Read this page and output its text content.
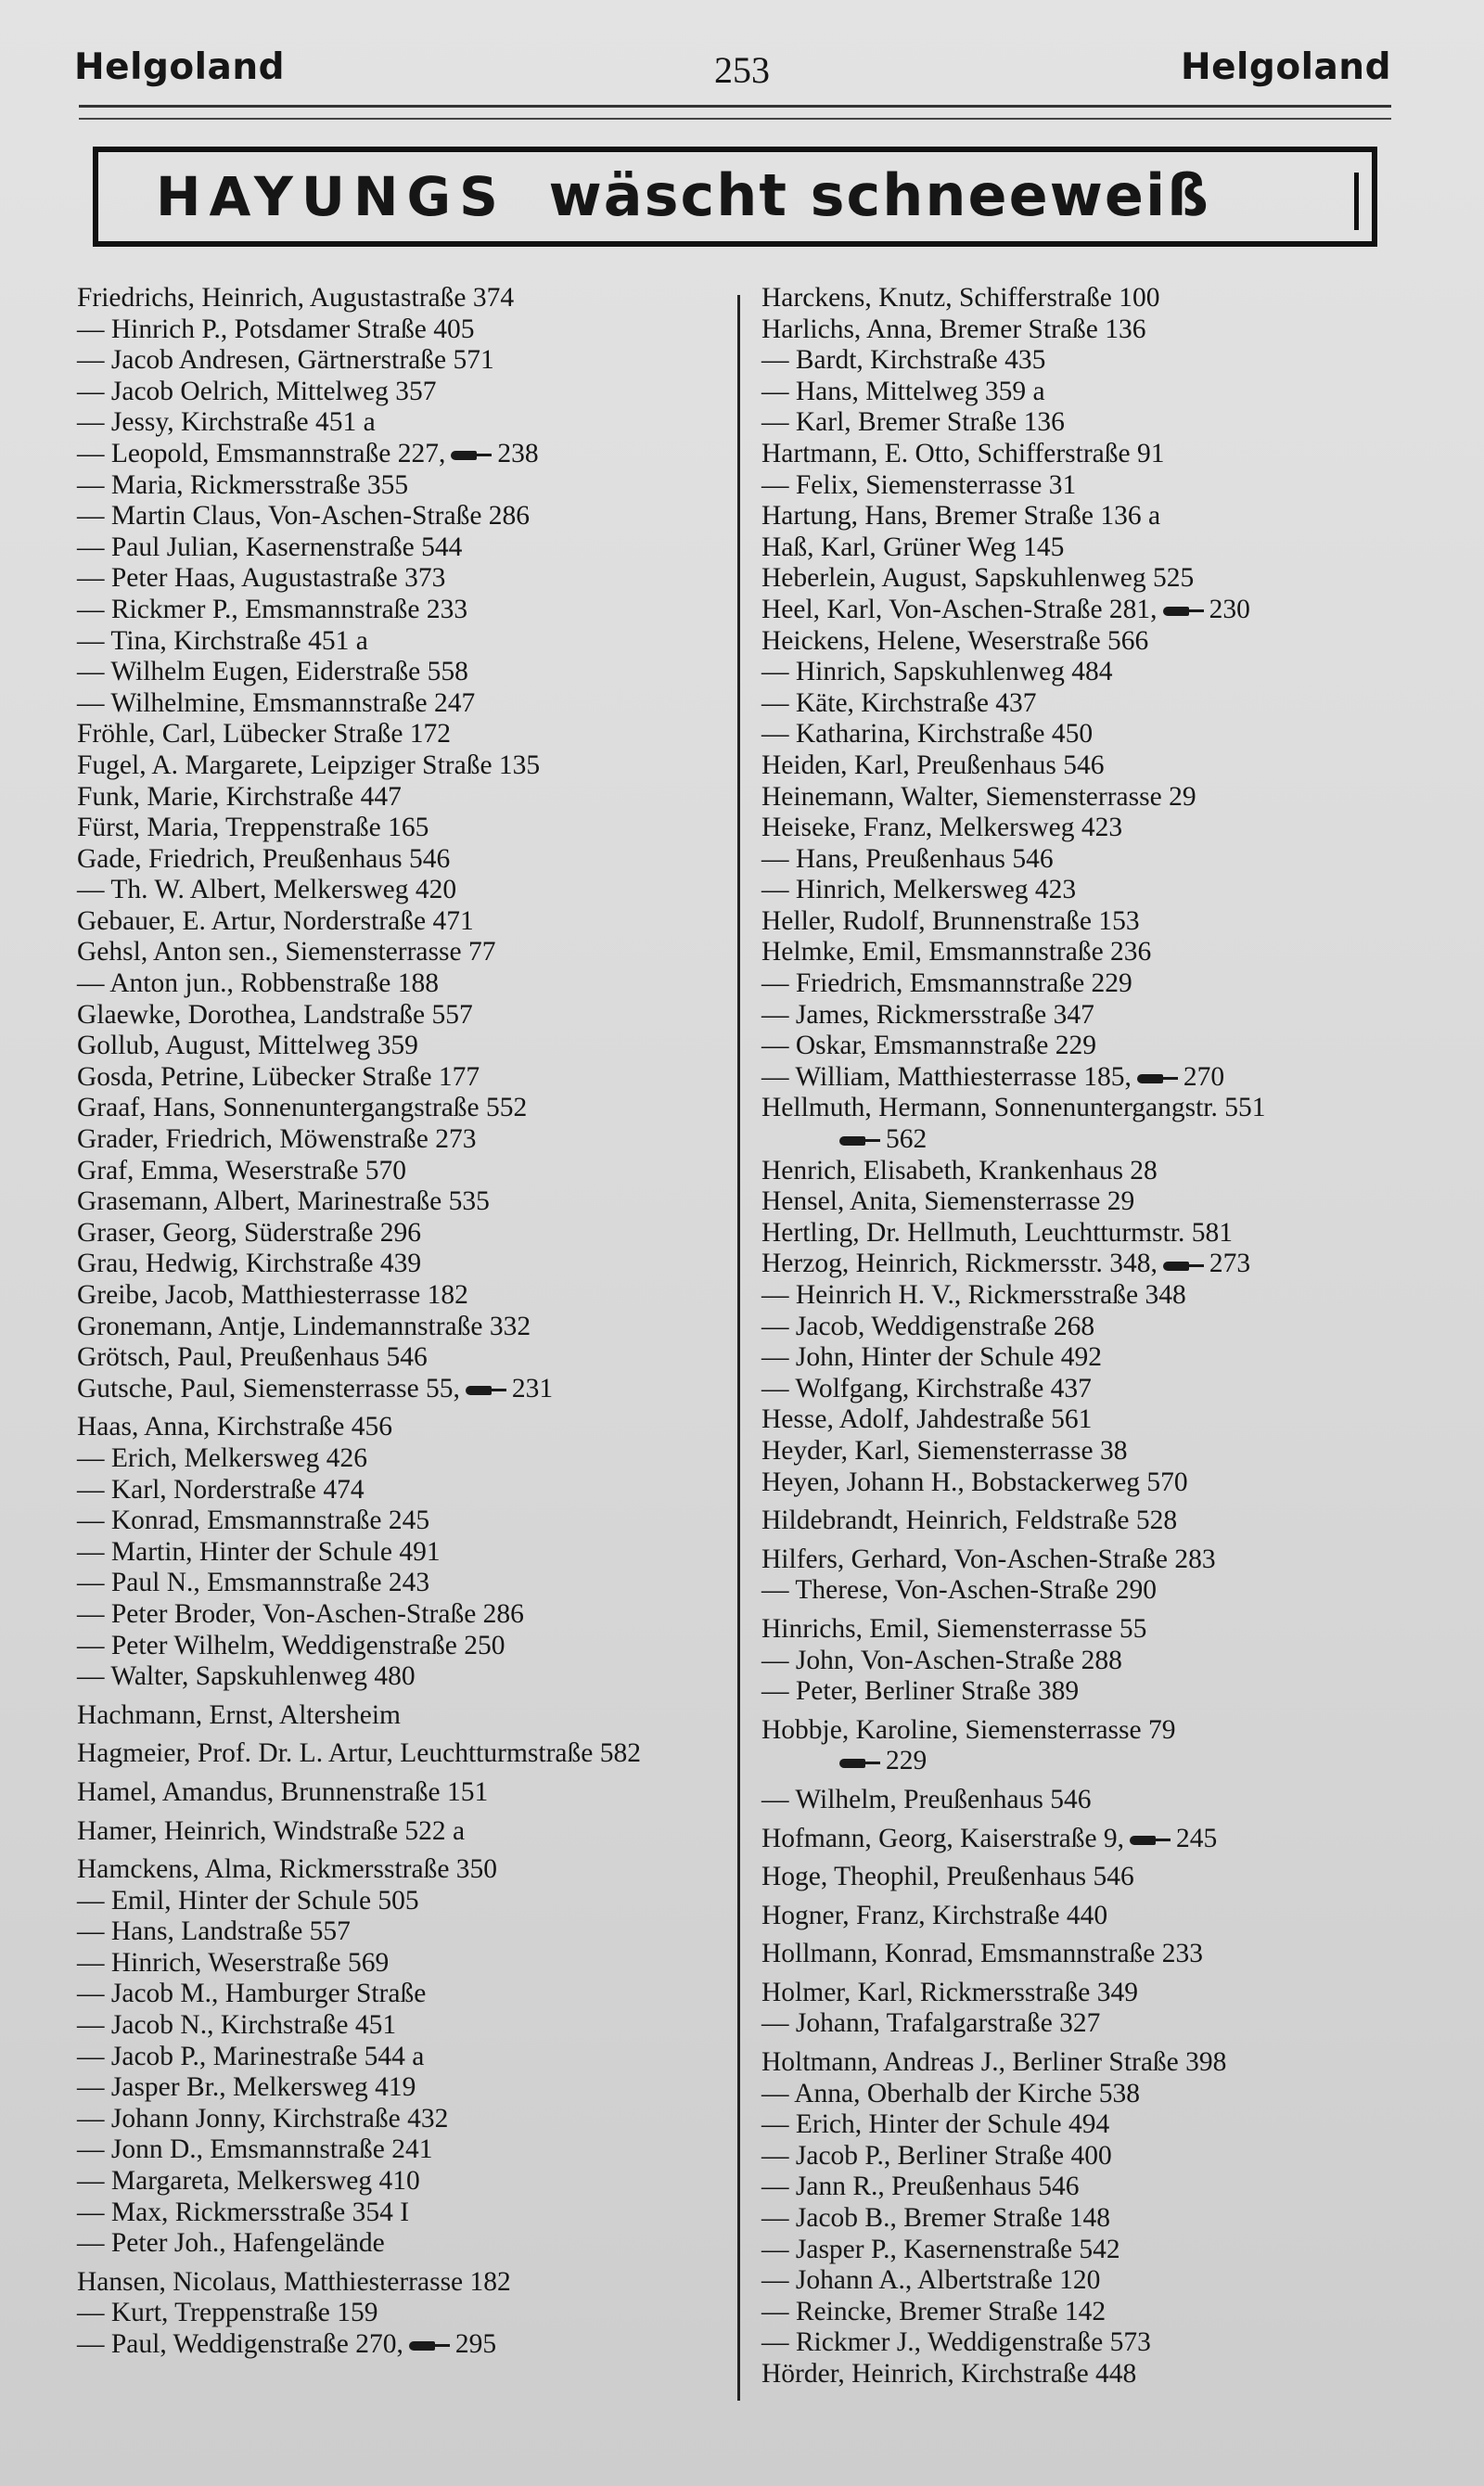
Helgoland	253	Helgoland
HAYUNGS wäscht schneeweiß
Friedrichs, Heinrich, Augustastraße 374
— Hinrich P., Potsdamer Straße 405
— Jacob Andresen, Gärtnerstraße 571
— Jacob Oelrich, Mittelweg 357
— Jessy, Kirchstraße 451 a
— Leopold, Emsmannstraße 227, 238
— Maria, Rickmersstraße 355
— Martin Claus, Von-Aschen-Straße 286
— Paul Julian, Kasernenstraße 544
— Peter Haas, Augustastraße 373
— Rickmer P., Emsmannstraße 233
— Tina, Kirchstraße 451 a
— Wilhelm Eugen, Eiderstraße 558
— Wilhelmine, Emsmannstraße 247
Fröhle, Carl, Lübecker Straße 172
Fugel, A. Margarete, Leipziger Straße 135
Funk, Marie, Kirchstraße 447
Fürst, Maria, Treppenstraße 165
Gade, Friedrich, Preußenhaus 546
— Th. W. Albert, Melkersweg 420
Gebauer, E. Artur, Norderstraße 471
Gehsl, Anton sen., Siemensterrasse 77
— Anton jun., Robbenstraße 188
Glaewke, Dorothea, Landstraße 557
Gollub, August, Mittelweg 359
Gosda, Petrine, Lübecker Straße 177
Graaf, Hans, Sonnenuntergangstraße 552
Grader, Friedrich, Möwenstraße 273
Graf, Emma, Weserstraße 570
Grasemann, Albert, Marinestraße 535
Graser, Georg, Süderstraße 296
Grau, Hedwig, Kirchstraße 439
Greibe, Jacob, Matthiesterrasse 182
Gronemann, Antje, Lindemannstraße 332
Grötsch, Paul, Preußenhaus 546
Gutsche, Paul, Siemensterrasse 55, 231
Haas, Anna, Kirchstraße 456
— Erich, Melkersweg 426
— Karl, Norderstraße 474
— Konrad, Emsmannstraße 245
— Martin, Hinter der Schule 491
— Paul N., Emsmannstraße 243
— Peter Broder, Von-Aschen-Straße 286
— Peter Wilhelm, Weddigenstraße 250
— Walter, Sapskuhlenweg 480
Hachmann, Ernst, Altersheim
Hagmeier, Prof. Dr. L. Artur, Leuchtturmstraße 582
Hamel, Amandus, Brunnenstraße 151
Hamer, Heinrich, Windstraße 522 a
Hamckens, Alma, Rickmersstraße 350
— Emil, Hinter der Schule 505
— Hans, Landstraße 557
— Hinrich, Weserstraße 569
— Jacob M., Hamburger Straße
— Jacob N., Kirchstraße 451
— Jacob P., Marinestraße 544 a
— Jasper Br., Melkersweg 419
— Johann Jonny, Kirchstraße 432
— Jonn D., Emsmannstraße 241
— Margareta, Melkersweg 410
— Max, Rickmersstraße 354 I
— Peter Joh., Hafengelände
Hansen, Nicolaus, Matthiesterrasse 182
— Kurt, Treppenstraße 159
— Paul, Weddigenstraße 270, 295
Harckens, Knutz, Schifferstraße 100
Harlichs, Anna, Bremer Straße 136
— Bardt, Kirchstraße 435
— Hans, Mittelweg 359 a
— Karl, Bremer Straße 136
Hartmann, E. Otto, Schifferstraße 91
— Felix, Siemensterrasse 31
Hartung, Hans, Bremer Straße 136 a
Haß, Karl, Grüner Weg 145
Heberlein, August, Sapskuhlenweg 525
Heel, Karl, Von-Aschen-Straße 281, 230
Heickens, Helene, Weserstraße 566
— Hinrich, Sapskuhlenweg 484
— Käte, Kirchstraße 437
— Katharina, Kirchstraße 450
Heiden, Karl, Preußenhaus 546
Heinemann, Walter, Siemensterrasse 29
Heiseke, Franz, Melkersweg 423
— Hans, Preußenhaus 546
— Hinrich, Melkersweg 423
Heller, Rudolf, Brunnenstraße 153
Helmke, Emil, Emsmannstraße 236
— Friedrich, Emsmannstraße 229
— James, Rickmersstraße 347
— Oskar, Emsmannstraße 229
— William, Matthiesterrasse 185, 270
Hellmuth, Hermann, Sonnenuntergangstr. 551
562
Henrich, Elisabeth, Krankenhaus 28
Hensel, Anita, Siemensterrasse 29
Hertling, Dr. Hellmuth, Leuchtturmstr. 581
Herzog, Heinrich, Rickmersstr. 348, 273
— Heinrich H. V., Rickmersstraße 348
— Jacob, Weddigenstraße 268
— John, Hinter der Schule 492
— Wolfgang, Kirchstraße 437
Hesse, Adolf, Jahdestraße 561
Heyder, Karl, Siemensterrasse 38
Heyen, Johann H., Bobstackerweg 570
Hildebrandt, Heinrich, Feldstraße 528
Hilfers, Gerhard, Von-Aschen-Straße 283
— Therese, Von-Aschen-Straße 290
Hinrichs, Emil, Siemensterrasse 55
— John, Von-Aschen-Straße 288
— Peter, Berliner Straße 389
Hobbje, Karoline, Siemensterrasse 79
229
— Wilhelm, Preußenhaus 546
Hofmann, Georg, Kaiserstraße 9, 245
Hoge, Theophil, Preußenhaus 546
Hogner, Franz, Kirchstraße 440
Hollmann, Konrad, Emsmannstraße 233
Holmer, Karl, Rickmersstraße 349
— Johann, Trafalgarstraße 327
Holtmann, Andreas J., Berliner Straße 398
— Anna, Oberhalb der Kirche 538
— Erich, Hinter der Schule 494
— Jacob P., Berliner Straße 400
— Jann R., Preußenhaus 546
— Jacob B., Bremer Straße 148
— Jasper P., Kasernenstraße 542
— Johann A., Albertstraße 120
— Reincke, Bremer Straße 142
— Rickmer J., Weddigenstraße 573
Hörder, Heinrich, Kirchstraße 448
